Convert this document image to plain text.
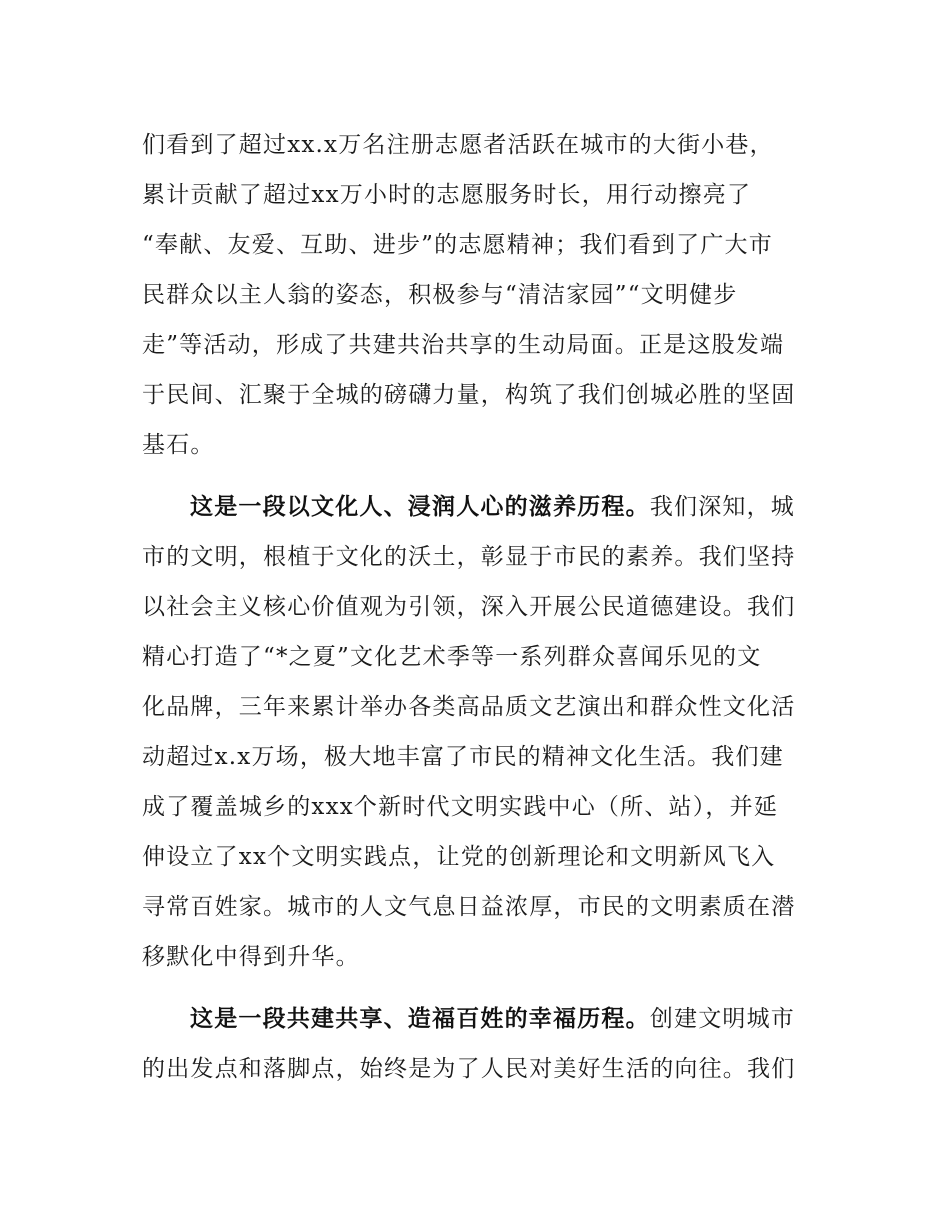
们看到了超过xx.x万名注册志愿者活跃在城市的大街小巷，
累计贡献了超过xx万小时的志愿服务时长，用行动擦亮了
“奉献、友爱、互助、进步”的志愿精神；我们看到了广大市
民群众以主人翁的姿态，积极参与“清洁家园”“文明健步
走”等活动，形成了共建共治共享的生动局面。正是这股发端
于民间、汇聚于全城的磅礴力量，构筑了我们创城必胜的坚固
基石。
这是一段以文化人、浸润人心的滋养历程。我们深知，城
市的文明，根植于文化的沃土，彰显于市民的素养。我们坚持
以社会主义核心价值观为引领，深入开展公民道德建设。我们
精心打造了“*之夏”文化艺术季等一系列群众喜闻乐见的文
化品牌，三年来累计举办各类高品质文艺演出和群众性文化活
动超过x.x万场，极大地丰富了市民的精神文化生活。我们建
成了覆盖城乡的xxx个新时代文明实践中心（所、站），并延
伸设立了xx个文明实践点，让党的创新理论和文明新风飞入
寻常百姓家。城市的人文气息日益浓厚，市民的文明素质在潜
移默化中得到升华。
这是一段共建共享、造福百姓的幸福历程。创建文明城市
的出发点和落脚点，始终是为了人民对美好生活的向往。我们
